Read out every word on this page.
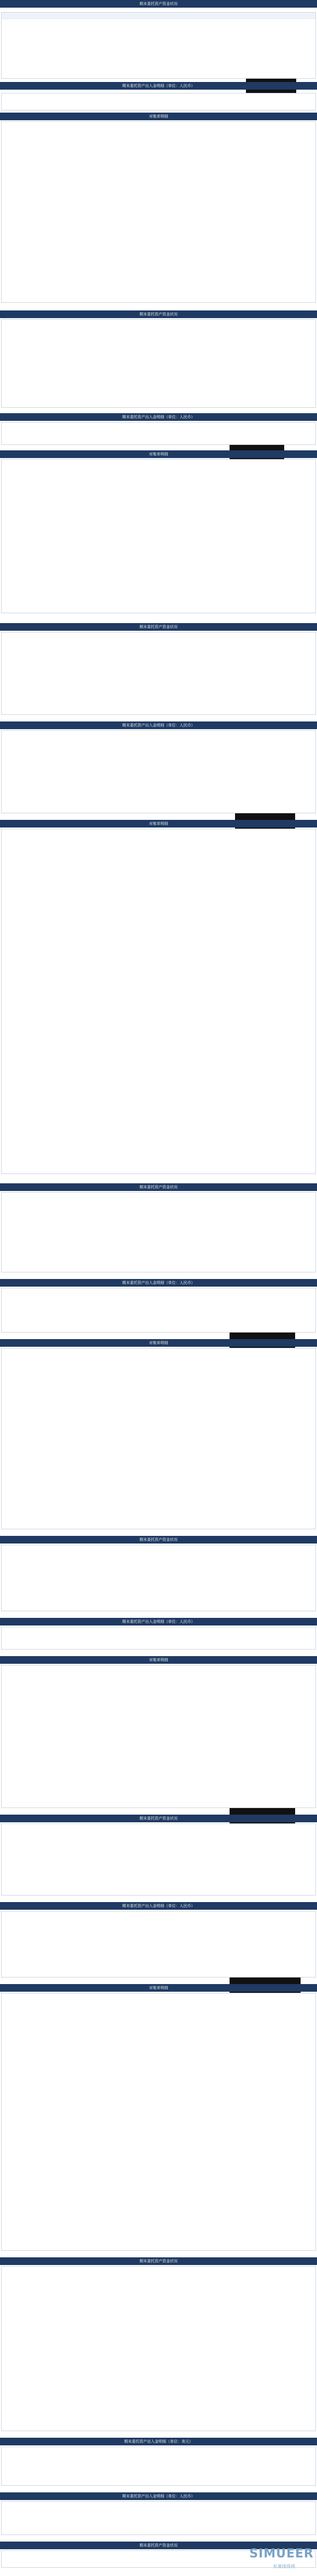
期末委托资产资金状况
期末委托资产出入金明细（单位：人民币）
对账单明细
期末委托资产资金状况
期末委托资产出入金明细（单位：人民币）
对账单明细
期末委托资产资金状况
期末委托资产出入金明细（单位：人民币）
对账单明细
期末委托资产资金状况
期末委托资产出入金明细（单位：人民币）
对账单明细
期末委托资产资金状况
期末委托资产出入金明细（单位：人民币）
对账单明细
期末委托资产资金状况
期末委托资产出入金明细（单位：人民币）
对账单明细
期末委托资产资金状况
期末委托资产出入金明细（单位：美元）
期末委托资产出入金明细（单位：人民币）
期末委托资产资金状况
SIMUEER
私募排排网
